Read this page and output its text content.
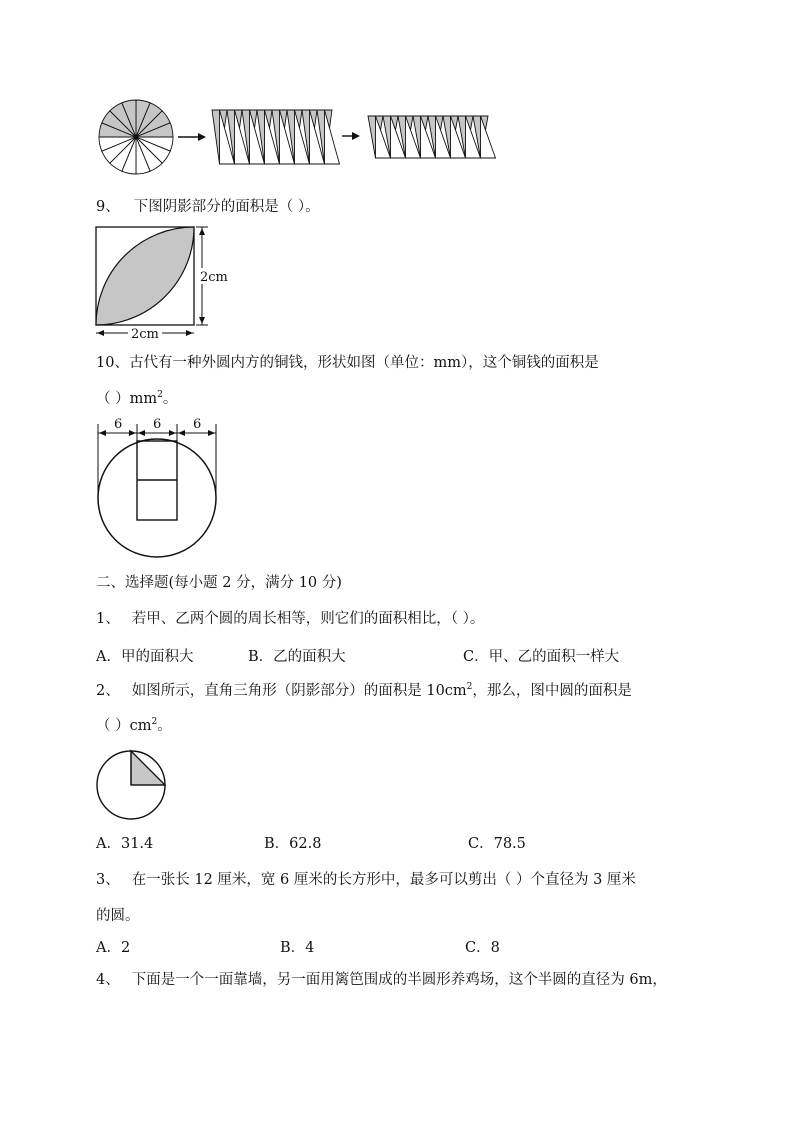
9、 下图阴影部分的面积是（ ）。
2cm
2cm
10、古代有一种外圆内方的铜钱，形状如图（单位：mm），这个铜钱的面积是
（ ）$mm^2$。
6 6 6
二、选择题(每小题 2 分，满分 10 分)
1、 若甲、乙两个圆的周长相等，则它们的面积相比，（ ）。
A．甲的面积大	B．乙的面积大	C．甲、乙的面积一样大
2、 如图所示，直角三角形（阴影部分）的面积是 $10cm^2$，那么，图中圆的面积是
（ ）$cm^2$。
A．31.4	B．62.8	C．78.5
3、 在一张长 12 厘米，宽 6 厘米的长方形中，最多可以剪出（ ）个直径为 3 厘米
的圆。
A．2	B．4	C．8
4、 下面是一个一面靠墙，另一面用篱笆围成的半圆形养鸡场，这个半圆的直径为 6m，
